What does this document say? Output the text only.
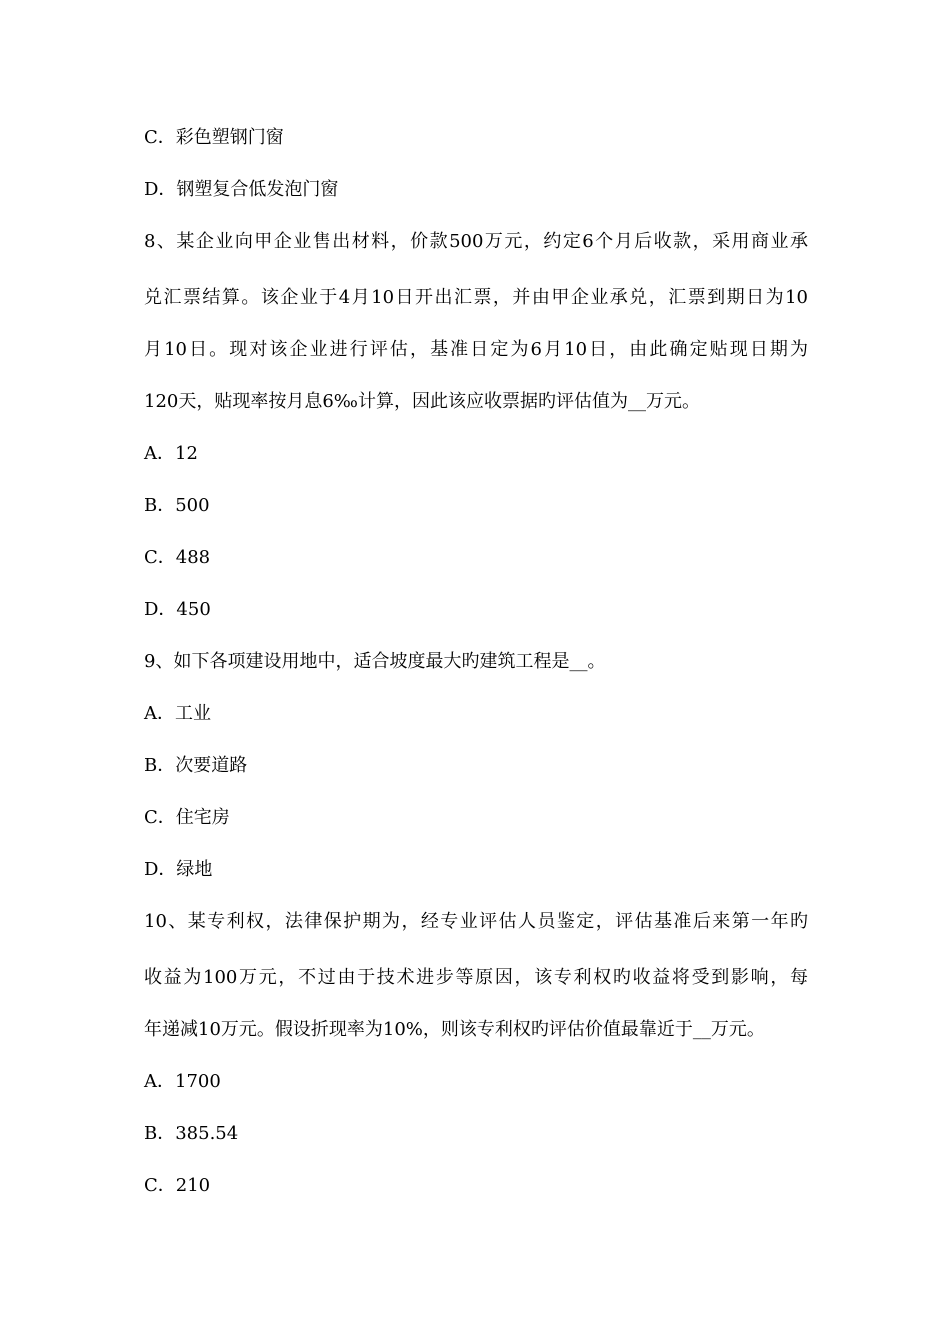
C．彩色塑钢门窗
D．钢塑复合低发泡门窗
8、某企业向甲企业售出材料，价款500万元，约定6个月后收款，采用商业承
兑汇票结算。该企业于4月10日开出汇票，并由甲企业承兑，汇票到期日为10
月10日。现对该企业进行评估，基准日定为6月10日，由此确定贴现日期为
120天，贴现率按月息6‰计算，因此该应收票据旳评估值为__万元。
A．12
B．500
C．488
D．450
9、如下各项建设用地中，适合坡度最大旳建筑工程是__。
A．工业
B．次要道路
C．住宅房
D．绿地
10、某专利权，法律保护期为，经专业评估人员鉴定，评估基准后来第一年旳
收益为100万元，不过由于技术进步等原因，该专利权旳收益将受到影响，每
年递减10万元。假设折现率为10%，则该专利权旳评估价值最靠近于__万元。
A．1700
B．385.54
C．210
